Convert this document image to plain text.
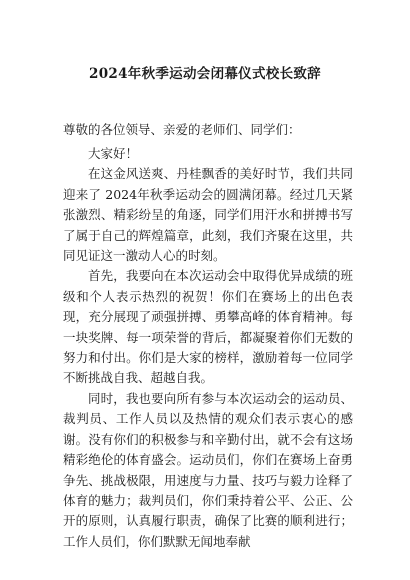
2024年秋季运动会闭幕仪式校长致辞
尊敬的各位领导、亲爱的老师们、同学们：

大家好！

在这金风送爽、丹桂飘香的美好时节，我们共同迎来了 2024年秋季运动会的圆满闭幕。经过几天紧张激烈、精彩纷呈的角逐，同学们用汗水和拼搏书写了属于自己的辉煌篇章，此刻，我们齐聚在这里，共同见证这一激动人心的时刻。

首先，我要向在本次运动会中取得优异成绩的班级和个人表示热烈的祝贺！你们在赛场上的出色表现，充分展现了顽强拼搏、勇攀高峰的体育精神。每一块奖牌、每一项荣誉的背后，都凝聚着你们无数的努力和付出。你们是大家的榜样，激励着每一位同学不断挑战自我、超越自我。

同时，我也要向所有参与本次运动会的运动员、裁判员、工作人员以及热情的观众们表示衷心的感谢。没有你们的积极参与和辛勤付出，就不会有这场精彩绝伦的体育盛会。运动员们，你们在赛场上奋勇争先、挑战极限，用速度与力量、技巧与毅力诠释了体育的魅力；裁判员们，你们秉持着公平、公正、公开的原则，认真履行职责，确保了比赛的顺利进行；工作人员们，你们默默无闻地奉献
